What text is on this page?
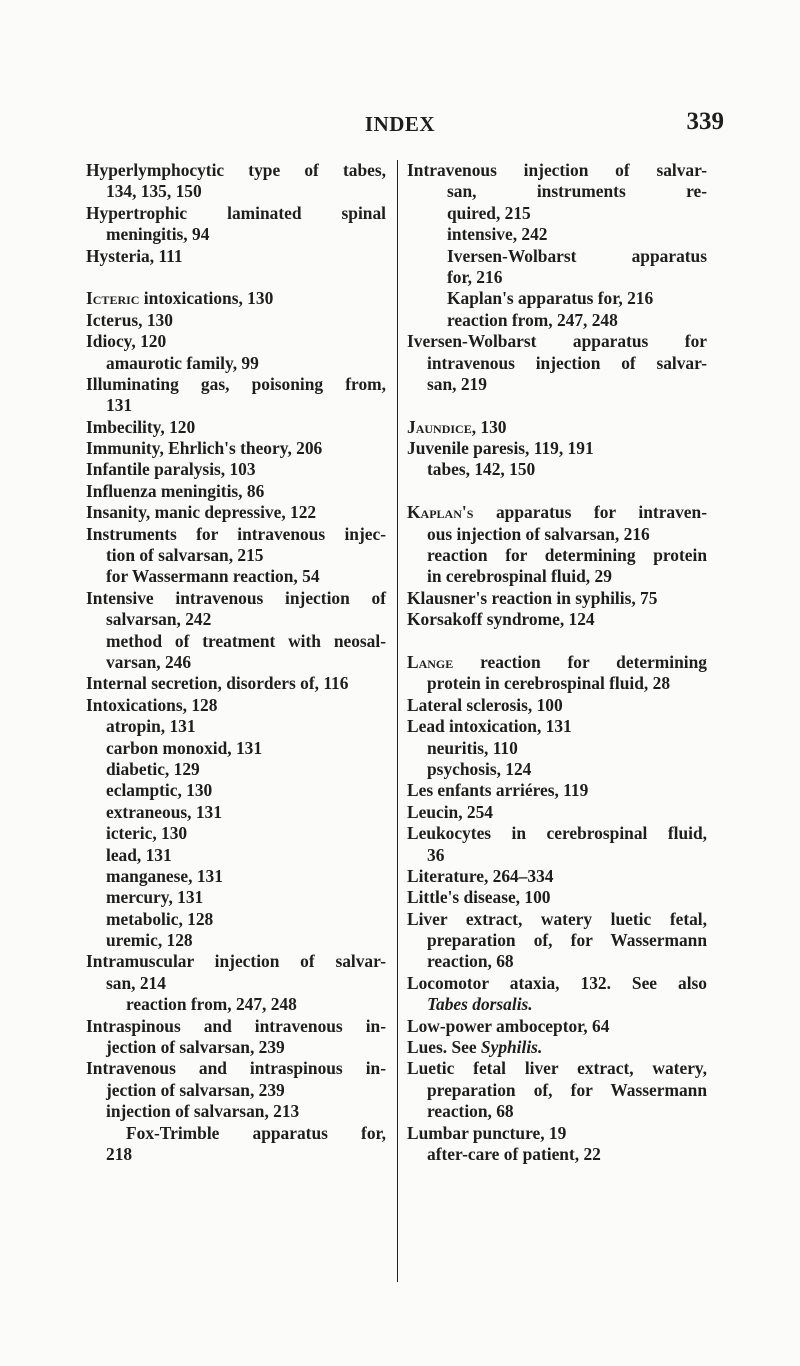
INDEX	339
Hyperlymphocytic type of tabes,
134, 135, 150
Hypertrophic laminated spinal
meningitis, 94
Hysteria, 111
Icteric intoxications, 130
Icterus, 130
Idiocy, 120
amaurotic family, 99
Illuminating gas, poisoning from,
131
Imbecility, 120
Immunity, Ehrlich's theory, 206
Infantile paralysis, 103
Influenza meningitis, 86
Insanity, manic depressive, 122
Instruments for intravenous injec-
tion of salvarsan, 215
for Wassermann reaction, 54
Intensive intravenous injection of
salvarsan, 242
method of treatment with neosal-
varsan, 246
Internal secretion, disorders of, 116
Intoxications, 128
atropin, 131
carbon monoxid, 131
diabetic, 129
eclamptic, 130
extraneous, 131
icteric, 130
lead, 131
manganese, 131
mercury, 131
metabolic, 128
uremic, 128
Intramuscular injection of salvar-
san, 214
reaction from, 247, 248
Intraspinous and intravenous in-
jection of salvarsan, 239
Intravenous and intraspinous in-
jection of salvarsan, 239
injection of salvarsan, 213
Fox-Trimble apparatus for,
218
Intravenous injection of salvar-
san, instruments re-
quired, 215
intensive, 242
Iversen-Wolbarst apparatus
for, 216
Kaplan's apparatus for, 216
reaction from, 247, 248
Iversen-Wolbarst apparatus for
intravenous injection of salvar-
san, 219
Jaundice, 130
Juvenile paresis, 119, 191
tabes, 142, 150
Kaplan's apparatus for intraven-
ous injection of salvarsan, 216
reaction for determining protein
in cerebrospinal fluid, 29
Klausner's reaction in syphilis, 75
Korsakoff syndrome, 124
Lange reaction for determining
protein in cerebrospinal fluid, 28
Lateral sclerosis, 100
Lead intoxication, 131
neuritis, 110
psychosis, 124
Les enfants arriéres, 119
Leucin, 254
Leukocytes in cerebrospinal fluid,
36
Literature, 264–334
Little's disease, 100
Liver extract, watery luetic fetal,
preparation of, for Wassermann
reaction, 68
Locomotor ataxia, 132. See also
Tabes dorsalis.
Low-power amboceptor, 64
Lues. See Syphilis.
Luetic fetal liver extract, watery,
preparation of, for Wassermann
reaction, 68
Lumbar puncture, 19
after-care of patient, 22
